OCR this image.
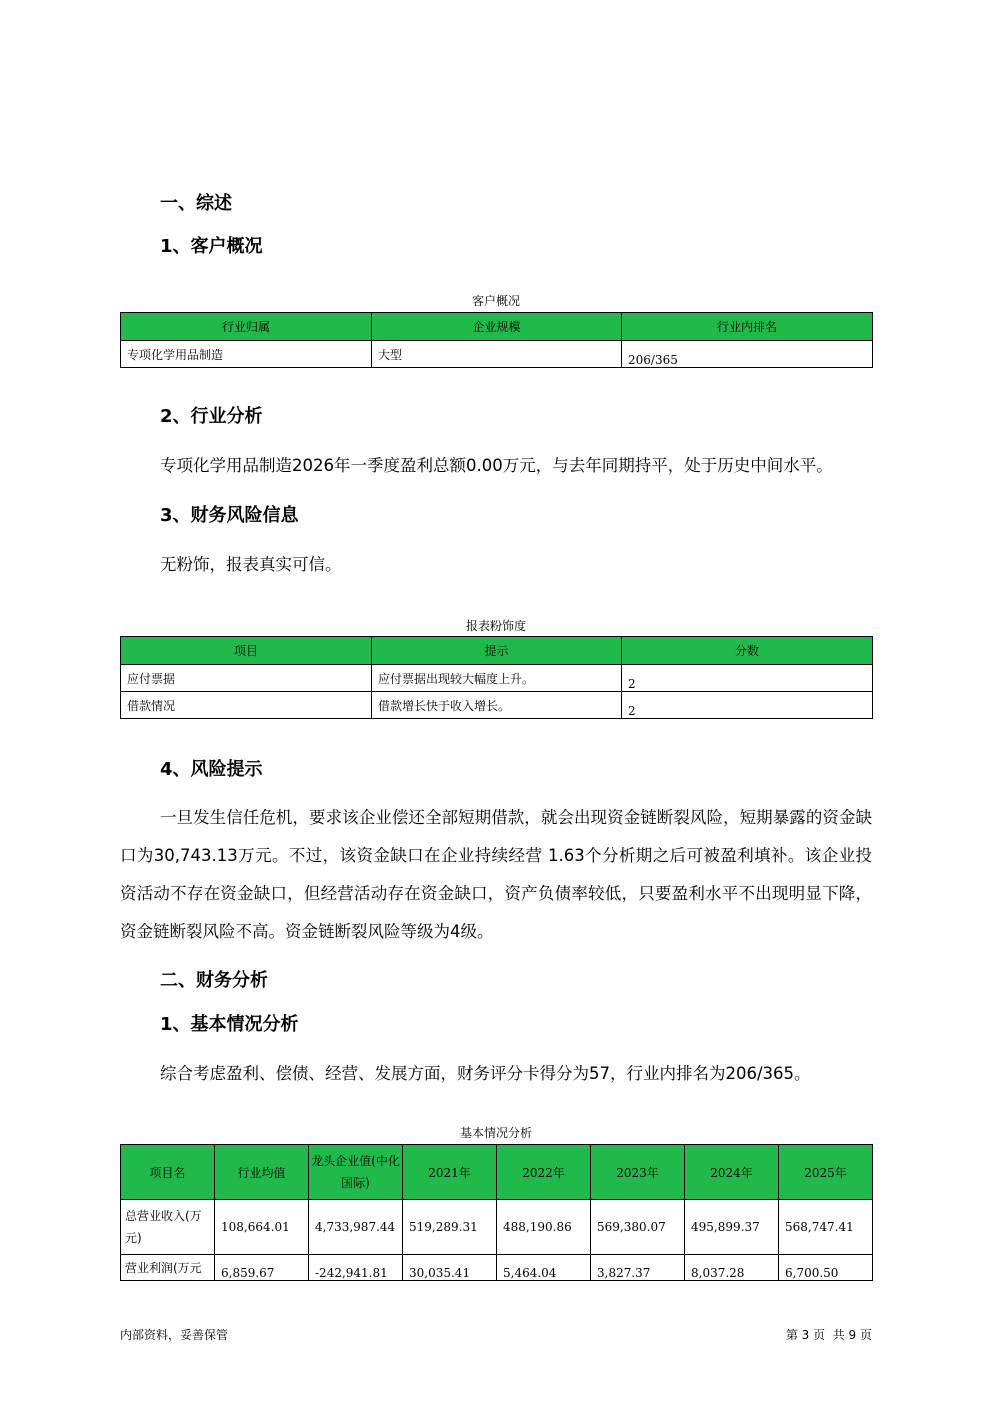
一、综述
1、客户概况
客户概况
行业归属	企业规模	行业内排名
专项化学用品制造	大型	206/365
2、行业分析
专项化学用品制造2026年一季度盈利总额0.00万元，与去年同期持平，处于历史中间水平。
3、财务风险信息
无粉饰，报表真实可信。
报表粉饰度
项目	提示	分数
应付票据	应付票据出现较大幅度上升。	2
借款情况	借款增长快于收入增长。	2
4、风险提示
一旦发生信任危机，要求该企业偿还全部短期借款，就会出现资金链断裂风险，短期暴露的资金缺口为30,743.13万元。不过，该资金缺口在企业持续经营 1.63个分析期之后可被盈利填补。该企业投资活动不存在资金缺口，但经营活动存在资金缺口，资产负债率较低，只要盈利水平不出现明显下降，资金链断裂风险不高。资金链断裂风险等级为4级。
二、财务分析
1、基本情况分析
综合考虑盈利、偿债、经营、发展方面，财务评分卡得分为57，行业内排名为206/365。
基本情况分析
项目名	行业均值	龙头企业值(中化国际)	2021年	2022年	2023年	2024年	2025年
总营业收入(万元)	108,664.01	4,733,987.44	519,289.31	488,190.86	569,380.07	495,899.37	568,747.41
营业利润(万元	6,859.67	-242,941.81	30,035.41	5,464.04	3,827.37	8,037.28	6,700.50
内部资料，妥善保管	第 3 页  共 9 页
